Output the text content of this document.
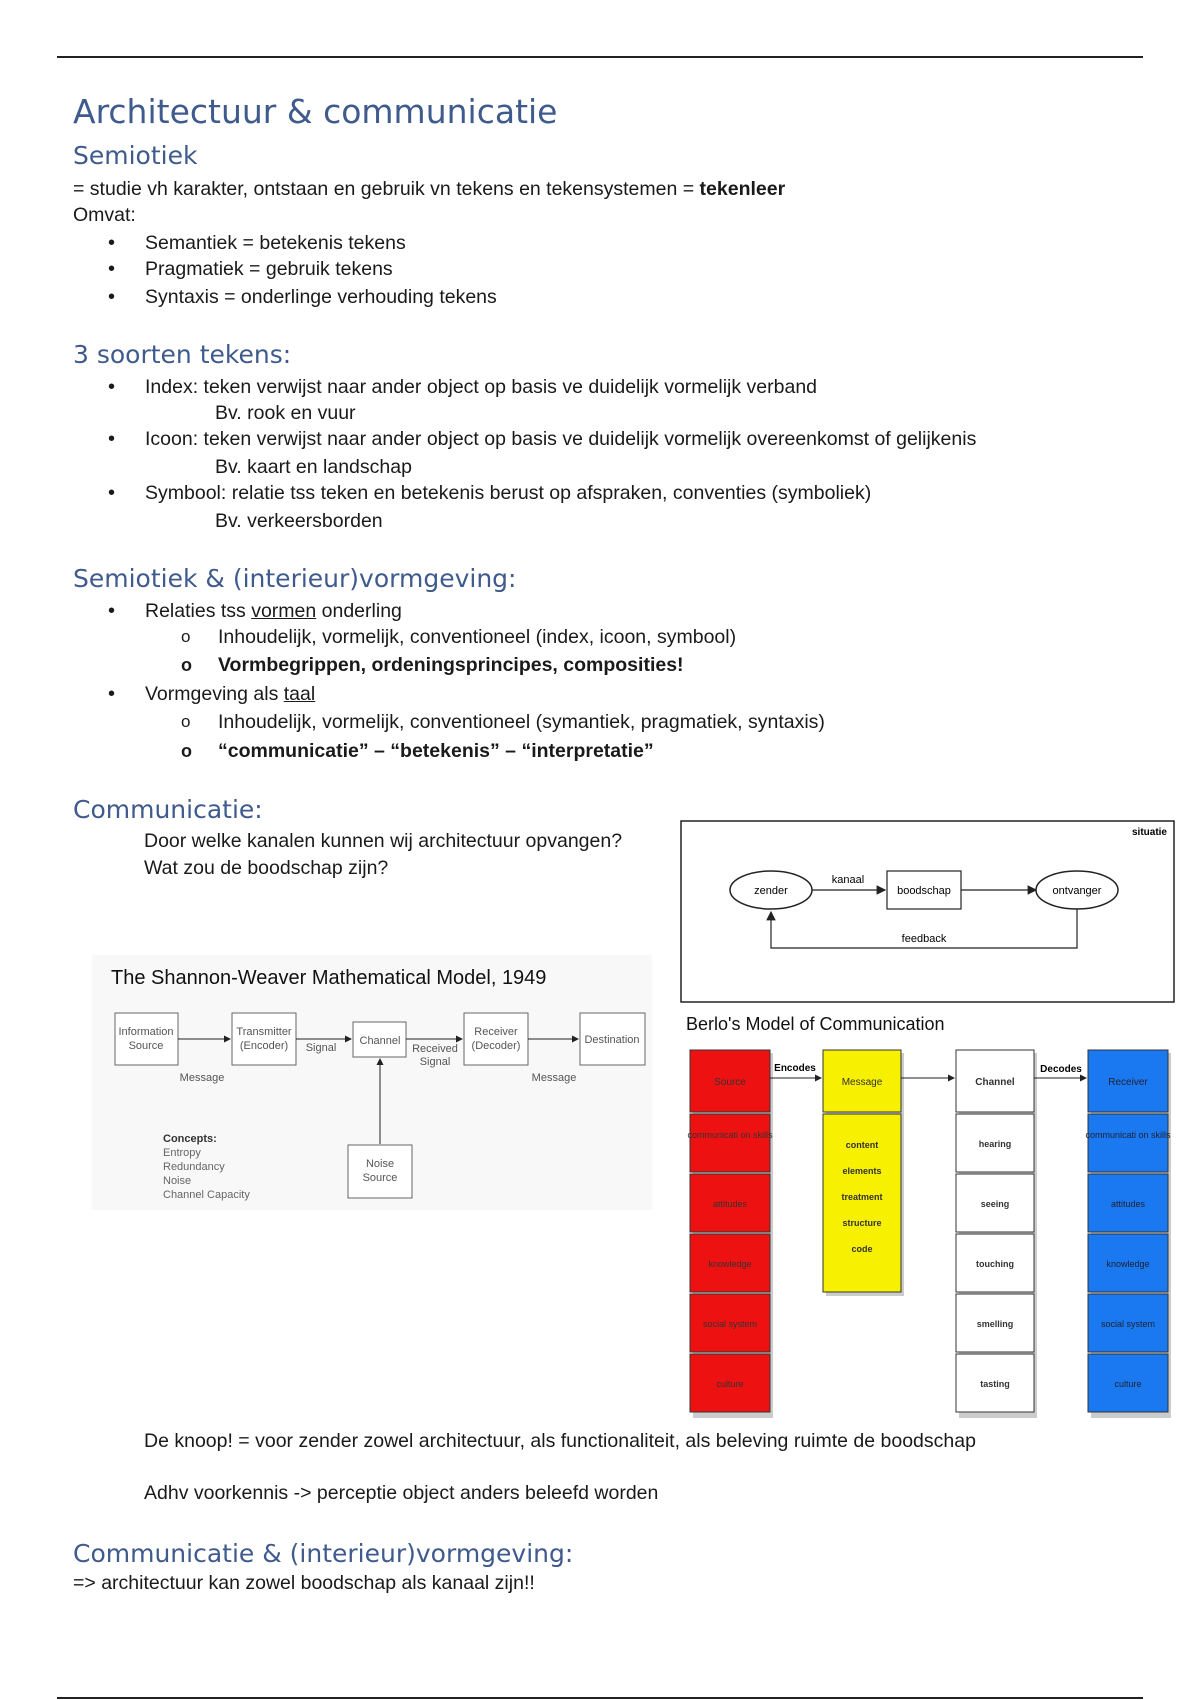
Architectuur & communicatie
Semiotiek
= studie vh karakter, ontstaan en gebruik vn tekens en tekensystemen = tekenleer
Omvat:
• Semantiek = betekenis tekens
• Pragmatiek = gebruik tekens
• Syntaxis = onderlinge verhouding tekens
3 soorten tekens:
• Index: teken verwijst naar ander object op basis ve duidelijk vormelijk verband
Bv. rook en vuur
• Icoon: teken verwijst naar ander object op basis ve duidelijk vormelijk overeenkomst of gelijkenis
Bv. kaart en landschap
• Symbool: relatie tss teken en betekenis berust op afspraken, conventies (symboliek)
Bv. verkeersborden
Semiotiek & (interieur)vormgeving:
• Relaties tss vormen onderling
o Inhoudelijk, vormelijk, conventioneel (index, icoon, symbool)
o Vormbegrippen, ordeningsprincipes, composities!
• Vormgeving als taal
o Inhoudelijk, vormelijk, conventioneel (symantiek, pragmatiek, syntaxis)
o “communicatie” – “betekenis” – “interpretatie”
Communicatie:
Door welke kanalen kunnen wij architectuur opvangen?
Wat zou de boodschap zijn?
situatie
zender
kanaal
boodschap	ontvanger
feedback
The Shannon-Weaver Mathematical Model, 1949
Information
Source
Transmitter
(Encoder) Signal
Channel
Received
Signal
Receiver
(Decoder)	Destination
Message	Message
Noise
Source
Concepts:
Entropy
Redundancy
Noise
Channel Capacity
Berlo's Model of Communication
Source
communicati on skills
attitudes
knowledge
social system
culture
Encodes
Message
content
elements
treatment
structure
code
Channel
hearing
seeing
touching
smelling
tasting
Decodes
Receiver
communicati on skills
attitudes
knowledge
social system
culture
De knoop! = voor zender zowel architectuur, als functionaliteit, als beleving ruimte de boodschap
Adhv voorkennis -> perceptie object anders beleefd worden
Communicatie & (interieur)vormgeving:
=> architectuur kan zowel boodschap als kanaal zijn!!
